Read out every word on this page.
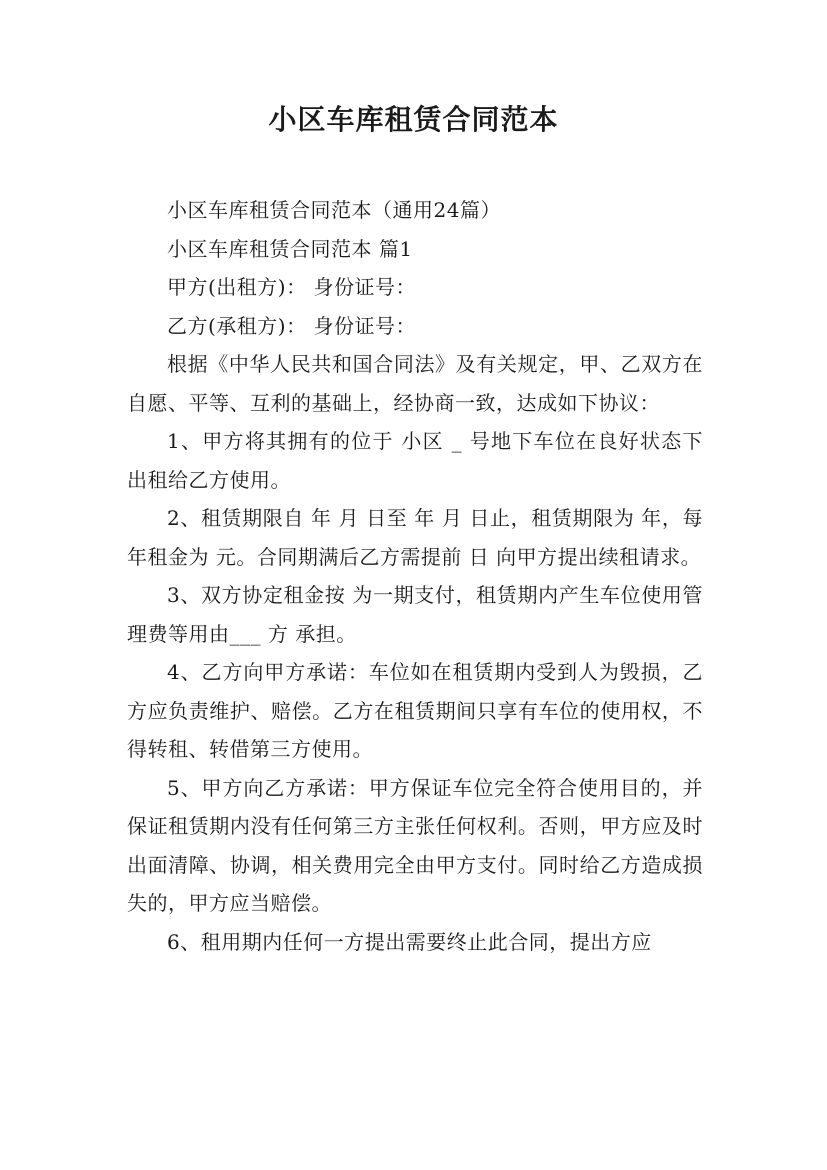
小区车库租赁合同范本

小区车库租赁合同范本（通用24篇）

小区车库租赁合同范本 篇1

甲方(出租方)： 身份证号：

乙方(承租方)： 身份证号：

根据《中华人民共和国合同法》及有关规定，甲、乙双方在自愿、平等、互利的基础上，经协商一致，达成如下协议：

1、甲方将其拥有的位于 小区 _ 号地下车位在良好状态下出租给乙方使用。

2、租赁期限自 年 月 日至 年 月 日止，租赁期限为 年，每年租金为 元。合同期满后乙方需提前 日 向甲方提出续租请求。

3、双方协定租金按 为一期支付，租赁期内产生车位使用管理费等用由___ 方 承担。

4、乙方向甲方承诺：车位如在租赁期内受到人为毁损，乙方应负责维护、赔偿。乙方在租赁期间只享有车位的使用权，不得转租、转借第三方使用。

5、甲方向乙方承诺：甲方保证车位完全符合使用目的，并保证租赁期内没有任何第三方主张任何权利。否则，甲方应及时出面清障、协调，相关费用完全由甲方支付。同时给乙方造成损失的，甲方应当赔偿。

6、租用期内任何一方提出需要终止此合同，提出方应
